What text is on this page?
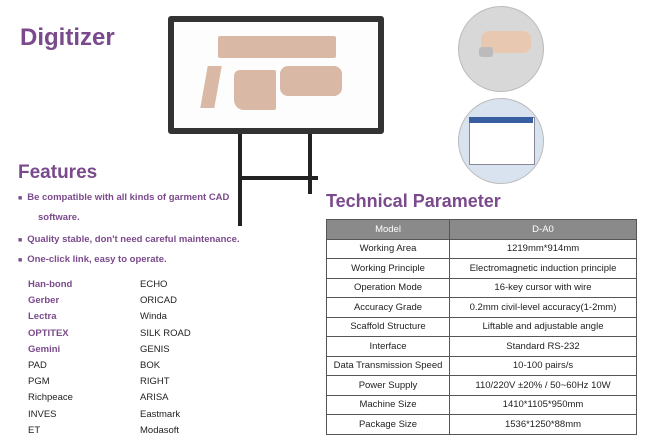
Digitizer
Features
■ Be compatible with all kinds of garment CAD
software.
■ Quality stable, don't need careful maintenance.
■ One-click link, easy to operate.
Han-bond	ECHO
Gerber	ORICAD
Lectra	Winda
OPTITEX	SILK ROAD
Gemini	GENIS
PAD	BOK
PGM	RIGHT
Richpeace	ARISA
INVES	Eastmark
ET	Modasoft
Technical Parameter
Model	D-A0
Working Area	1219mm*914mm
Working Principle	Electromagnetic induction principle
Operation Mode	16-key cursor with wire
Accuracy Grade	0.2mm civil-level accuracy(1-2mm)
Scaffold Structure	Liftable and adjustable angle
Interface	Standard RS-232
Data Transmission Speed	10-100 pairs/s
Power Supply	110/220V ±20% / 50~60Hz 10W
Machine Size	1410*1105*950mm
Package Size	1536*1250*88mm
